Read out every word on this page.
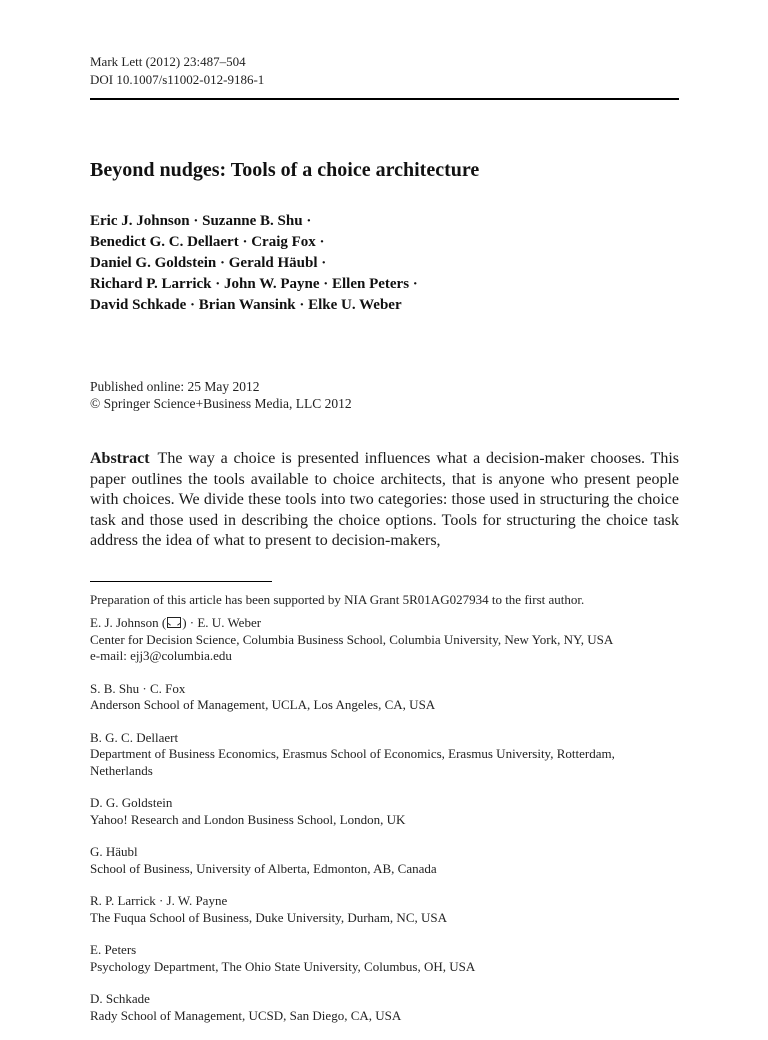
Mark Lett (2012) 23:487–504
DOI 10.1007/s11002-012-9186-1
Beyond nudges: Tools of a choice architecture
Eric J. Johnson · Suzanne B. Shu ·
Benedict G. C. Dellaert · Craig Fox ·
Daniel G. Goldstein · Gerald Häubl ·
Richard P. Larrick · John W. Payne · Ellen Peters ·
David Schkade · Brian Wansink · Elke U. Weber
Published online: 25 May 2012
© Springer Science+Business Media, LLC 2012

Abstract The way a choice is presented influences what a decision-maker chooses. This paper outlines the tools available to choice architects, that is anyone who present people with choices. We divide these tools into two categories: those used in structuring the choice task and those used in describing the choice options. Tools for structuring the choice task address the idea of what to present to decision-makers,

Preparation of this article has been supported by NIA Grant 5R01AG027934 to the first author.
E. J. Johnson ( ) · E. U. Weber
Center for Decision Science, Columbia Business School, Columbia University, New York, NY, USA
e-mail: ejj3@columbia.edu
S. B. Shu · C. Fox
Anderson School of Management, UCLA, Los Angeles, CA, USA
B. G. C. Dellaert
Department of Business Economics, Erasmus School of Economics, Erasmus University, Rotterdam,
Netherlands
D. G. Goldstein
Yahoo! Research and London Business School, London, UK
G. Häubl
School of Business, University of Alberta, Edmonton, AB, Canada
R. P. Larrick · J. W. Payne
The Fuqua School of Business, Duke University, Durham, NC, USA
E. Peters
Psychology Department, The Ohio State University, Columbus, OH, USA
D. Schkade
Rady School of Management, UCSD, San Diego, CA, USA
